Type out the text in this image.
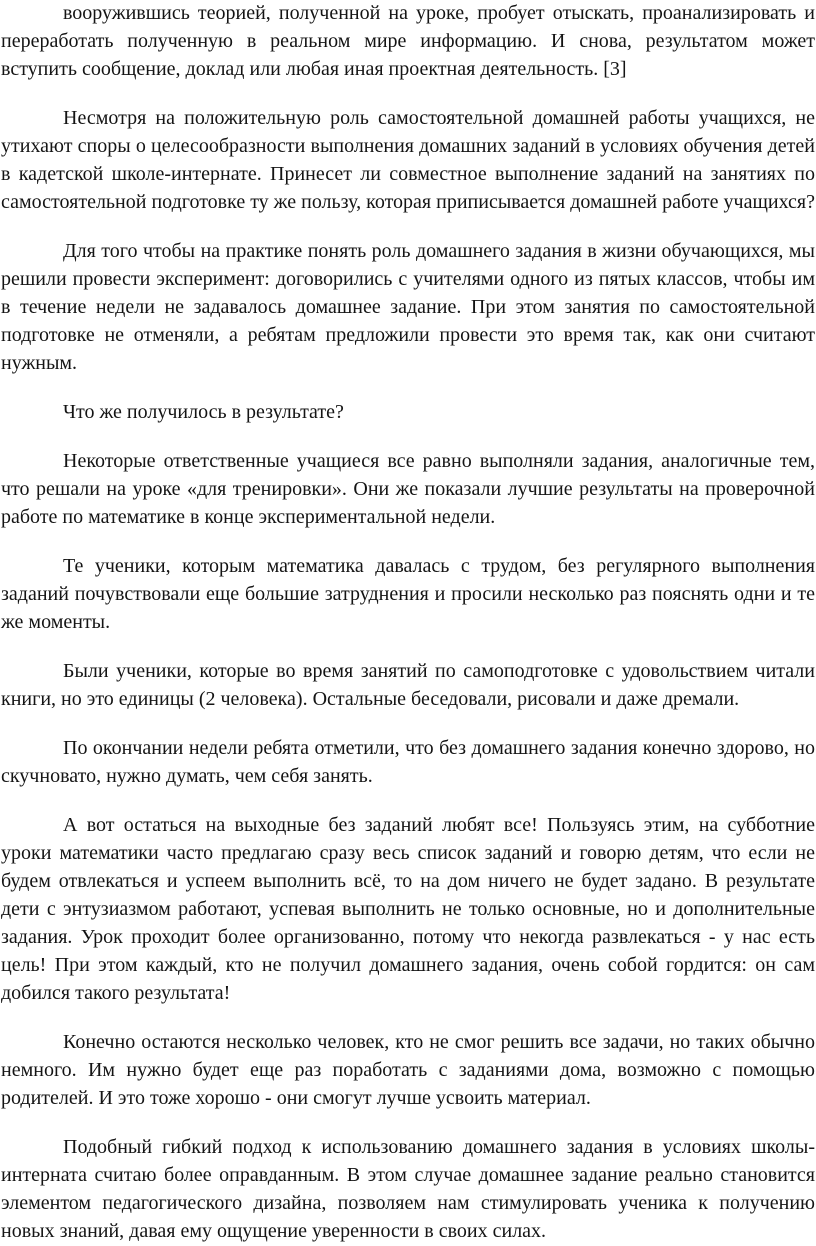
вооружившись теорией, полученной на уроке, пробует отыскать, проанализировать и переработать полученную в реальном мире информацию. И снова, результатом может вступить сообщение, доклад или любая иная проектная деятельность. [3]

Несмотря на положительную роль самостоятельной домашней работы учащихся, не утихают споры о целесообразности выполнения домашних заданий в условиях обучения детей в кадетской школе-интернате. Принесет ли совместное выполнение заданий на занятиях по самостоятельной подготовке ту же пользу, которая приписывается домашней работе учащихся?

Для того чтобы на практике понять роль домашнего задания в жизни обучающихся, мы решили провести эксперимент: договорились с учителями одного из пятых классов, чтобы им в течение недели не задавалось домашнее задание. При этом занятия по самостоятельной подготовке не отменяли, а ребятам предложили провести это время так, как они считают нужным.

Что же получилось в результате?

Некоторые ответственные учащиеся все равно выполняли задания, аналогичные тем, что решали на уроке «для тренировки». Они же показали лучшие результаты на проверочной работе по математике в конце экспериментальной недели.

Те ученики, которым математика давалась с трудом, без регулярного выполнения заданий почувствовали еще большие затруднения и просили несколько раз пояснять одни и те же моменты.

Были ученики, которые во время занятий по самоподготовке с удовольствием читали книги, но это единицы (2 человека). Остальные беседовали, рисовали и даже дремали.

По окончании недели ребята отметили, что без домашнего задания конечно здорово, но скучновато, нужно думать, чем себя занять.

А вот остаться на выходные без заданий любят все! Пользуясь этим, на субботние уроки математики часто предлагаю сразу весь список заданий и говорю детям, что если не будем отвлекаться и успеем выполнить всё, то на дом ничего не будет задано. В результате дети с энтузиазмом работают, успевая выполнить не только основные, но и дополнительные задания. Урок проходит более организованно, потому что некогда развлекаться - у нас есть цель! При этом каждый, кто не получил домашнего задания, очень собой гордится: он сам добился такого результата!

Конечно остаются несколько человек, кто не смог решить все задачи, но таких обычно немного. Им нужно будет еще раз поработать с заданиями дома, возможно с помощью родителей. И это тоже хорошо - они смогут лучше усвоить материал.

Подобный гибкий подход к использованию домашнего задания в условиях школы-интерната считаю более оправданным. В этом случае домашнее задание реально становится элементом педагогического дизайна, позволяем нам стимулировать ученика к получению новых знаний, давая ему ощущение уверенности в своих силах.
